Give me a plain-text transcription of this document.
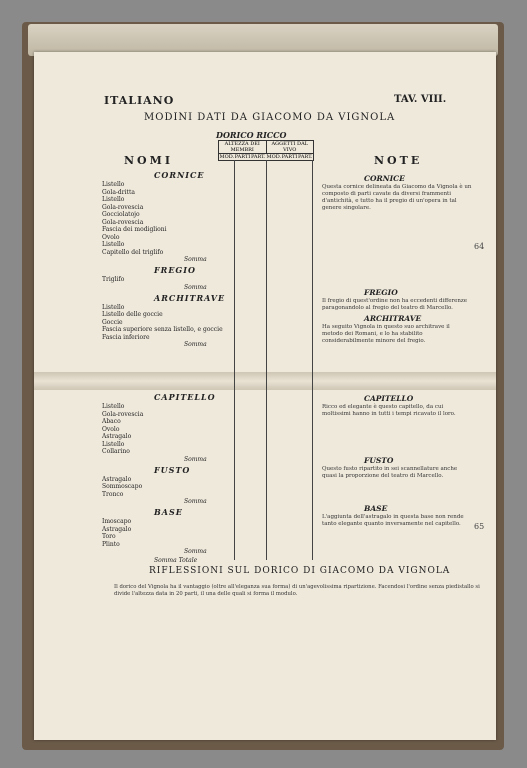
ITALIANO	TAV. VIII.
MODINI DATI DA GIACOMO DA VIGNOLA
DORICO RICCO
NOMI	NOTE
ALTEZZA DEI MEMBRI
AGGETTI DAL VIVO
MOD. PARTI PART. MOD. PARTI PART.
CORNICE
Listello
Gola-dritta
Listello
Gola-rovescia
Gocciolatojo
Gola-rovescia
Fascia dei modiglioni
Ovolo
Listello
Capitello del triglifo
Somma
FREGIO
Triglifo
Somma
ARCHITRAVE
Listello
Listello delle goccie
Goccie
Fascia superiore senza listello, e goccie
Fascia inferiore
Somma
CAPITELLO
Listello
Gola-rovescia
Abaco
Ovolo
Astragalo
Listello
Collarino
Somma
FUSTO
Astragalo
Sommoscapo
Tronco
Somma
BASE
Imoscapo
Astragalo
Toro
Plinto
Somma
Somma Totale
CORNICE
Questa cornice delineata da Giacomo da Vignola è un composto di parti cavate da diversi frammenti d'antichità, e tutto ha il pregio di un'opera in tal genere singolare.
FREGIO
Il fregio di quest'ordine non ha eccedenti differenze paragonandolo al fregio del teatro di Marcello.
ARCHITRAVE
Ha seguito Vignola in questo suo architrave il metodo dei Romani, e lo ha stabilito considerabilmente minore del fregio.
CAPITELLO
Ricco ed elegante è questo capitello, da cui moltissimi hanno in tutti i tempi ricavato il loro.
FUSTO
Questo fusto ripartito in sei scannellature anche quasi la proporzione del teatro di Marcello.
BASE
L'aggiunta dell'astragalo in questa base non rende tanto elegante quanto inversamente nel capitello.
RIFLESSIONI SUL DORICO DI GIACOMO DA VIGNOLA
Il dorico del Vignola ha il vantaggio (oltre all'eleganza sua forma) di un'agevolissima ripartizione. Facendosi l'ordine senza piedistallo si divide l'altezza data in 20 parti, il una delle quali si forma il modulo.
64
65
